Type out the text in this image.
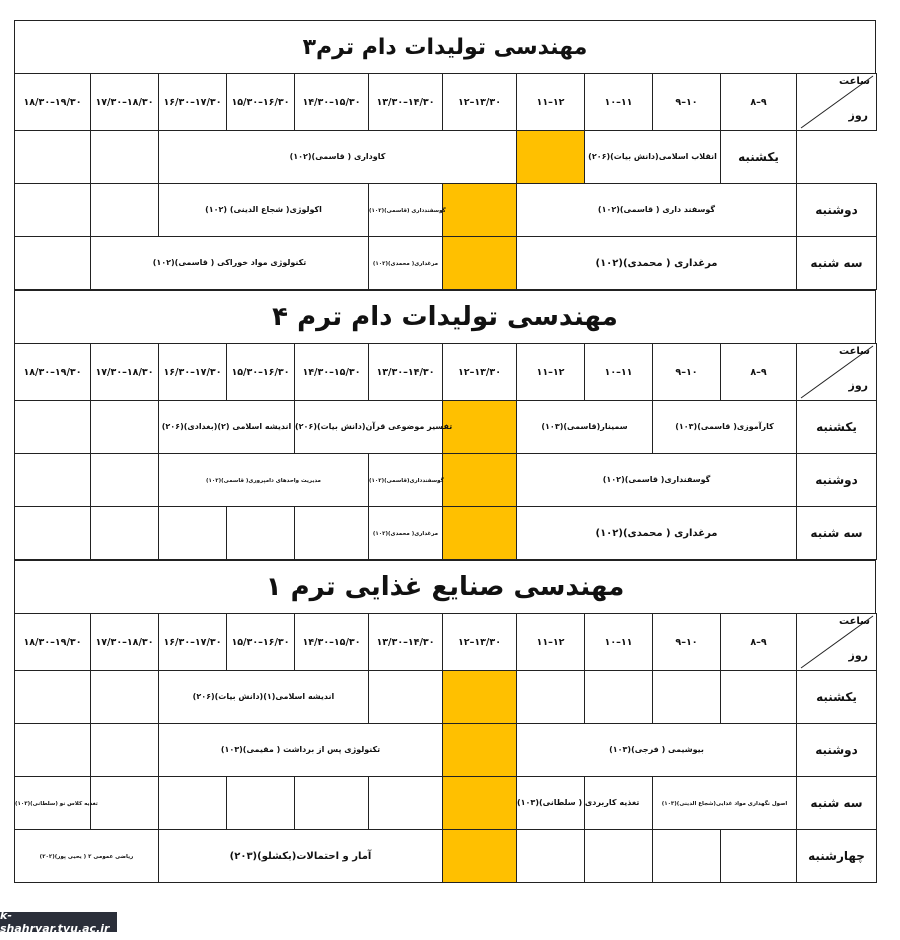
مهندسی تولیدات دام ترم۳
۱۸/۳۰–۱۹/۳۰	۱۷/۳۰–۱۸/۳۰	۱۶/۳۰–۱۷/۳۰	۱۵/۳۰–۱۶/۳۰	۱۴/۳۰–۱۵/۳۰	۱۳/۳۰–۱۴/۳۰	۱۲–۱۳/۳۰	۱۱–۱۲	۱۰–۱۱	۹–۱۰	۸–۹	ساعت
روز

		کاوداری ( قاسمی)(۱۰۲)						انقلاب اسلامی(دانش بیات)(۲۰۶)		یکشنبه	
		اکولوژی( شجاع الدینی) (۱۰۲)			گوسفندداری (قاسمی)(۱۰۲)		گوسفند داری ( قاسمی)(۱۰۲)				دوشنبه
	تکنولوژی مواد خوراکی ( قاسمی)(۱۰۲)				مرغداری( محمدی)(۱۰۲)		مرغداری ( محمدی)(۱۰۲)				سه شنبه
مهندسی تولیدات دام ترم ۴
۱۸/۳۰–۱۹/۳۰	۱۷/۳۰–۱۸/۳۰	۱۶/۳۰–۱۷/۳۰	۱۵/۳۰–۱۶/۳۰	۱۴/۳۰–۱۵/۳۰	۱۳/۳۰–۱۴/۳۰	۱۲–۱۳/۳۰	۱۱–۱۲	۱۰–۱۱	۹–۱۰	۸–۹	ساعت
روز

		اندیشه اسلامی (۲)(بغدادی)(۲۰۶)		تفسیر موضوعی قرآن(دانش بیات)(۲۰۶)			سمینار(قاسمی)(۱۰۳)		کارآموزی( قاسمی)(۱۰۳)		یکشنبه
		مدیریت واحدهای دامپروری( قاسمی)(۱۰۲)			گوسفندداری(قاسمی)(۱۰۲)		گوسفنداری( قاسمی)(۱۰۲)				دوشنبه
					مرغداری( محمدی)(۱۰۲)		مرغداری ( محمدی)(۱۰۲)				سه شنبه
مهندسی صنایع غذایی ترم ۱
۱۸/۳۰–۱۹/۳۰	۱۷/۳۰–۱۸/۳۰	۱۶/۳۰–۱۷/۳۰	۱۵/۳۰–۱۶/۳۰	۱۴/۳۰–۱۵/۳۰	۱۳/۳۰–۱۴/۳۰	۱۲–۱۳/۳۰	۱۱–۱۲	۱۰–۱۱	۹–۱۰	۸–۹	ساعت
روز

		اندیشه اسلامی(۱)(دانش بیات)(۲۰۶)									یکشنبه
		تکنولوژی پس از برداشت ( مقیمی)(۱۰۳)					بیوشیمی ( فرجی)(۱۰۳)				دوشنبه
تغذیه کلاس نو (سلطانی)(۱۰۳)							تغذیه کاربردی ( سلطانی)(۱۰۳)		اصول نگهداری مواد غذایی(شجاع الدینی)(۱۰۳)		سه شنبه
ریاضی عمومی ۲ ( یحیی پور)(۲۰۲)		آمار و احتمالات(بکشلو)(۲۰۳)									چهارشنبه
k-shahryar.tvu.ac.ir
